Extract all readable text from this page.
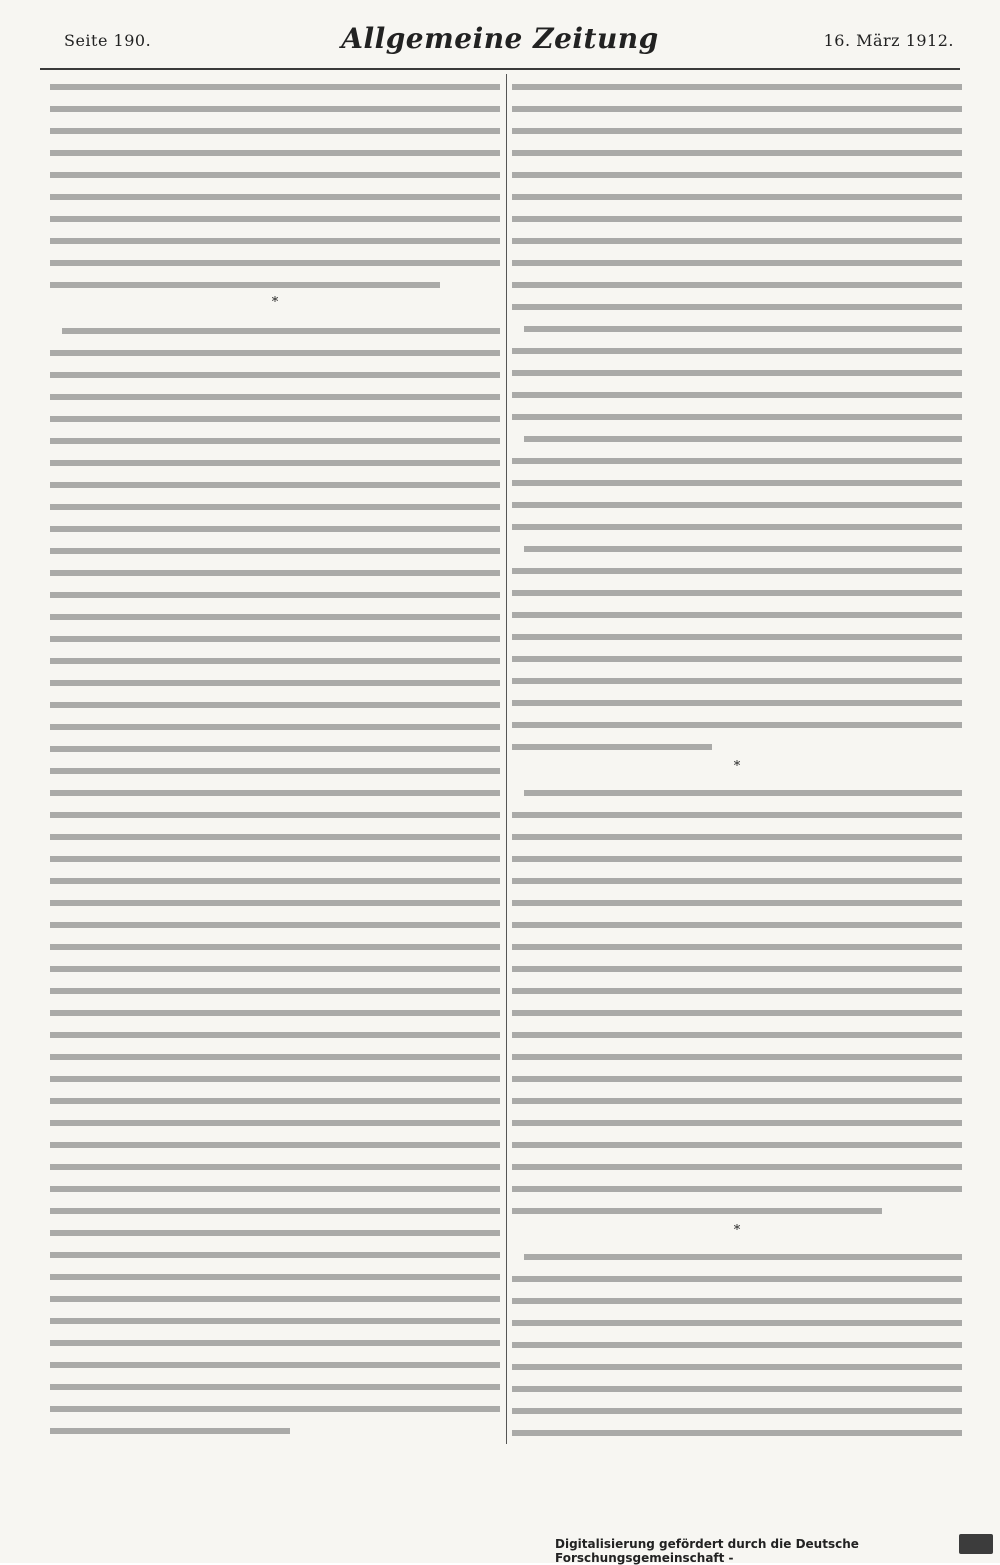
Seite 190.	Allgemeine Zeitung	16. März 1912.
*
*
*
Digitalisierung gefördert durch die Deutsche Forschungsgemeinschaft -
